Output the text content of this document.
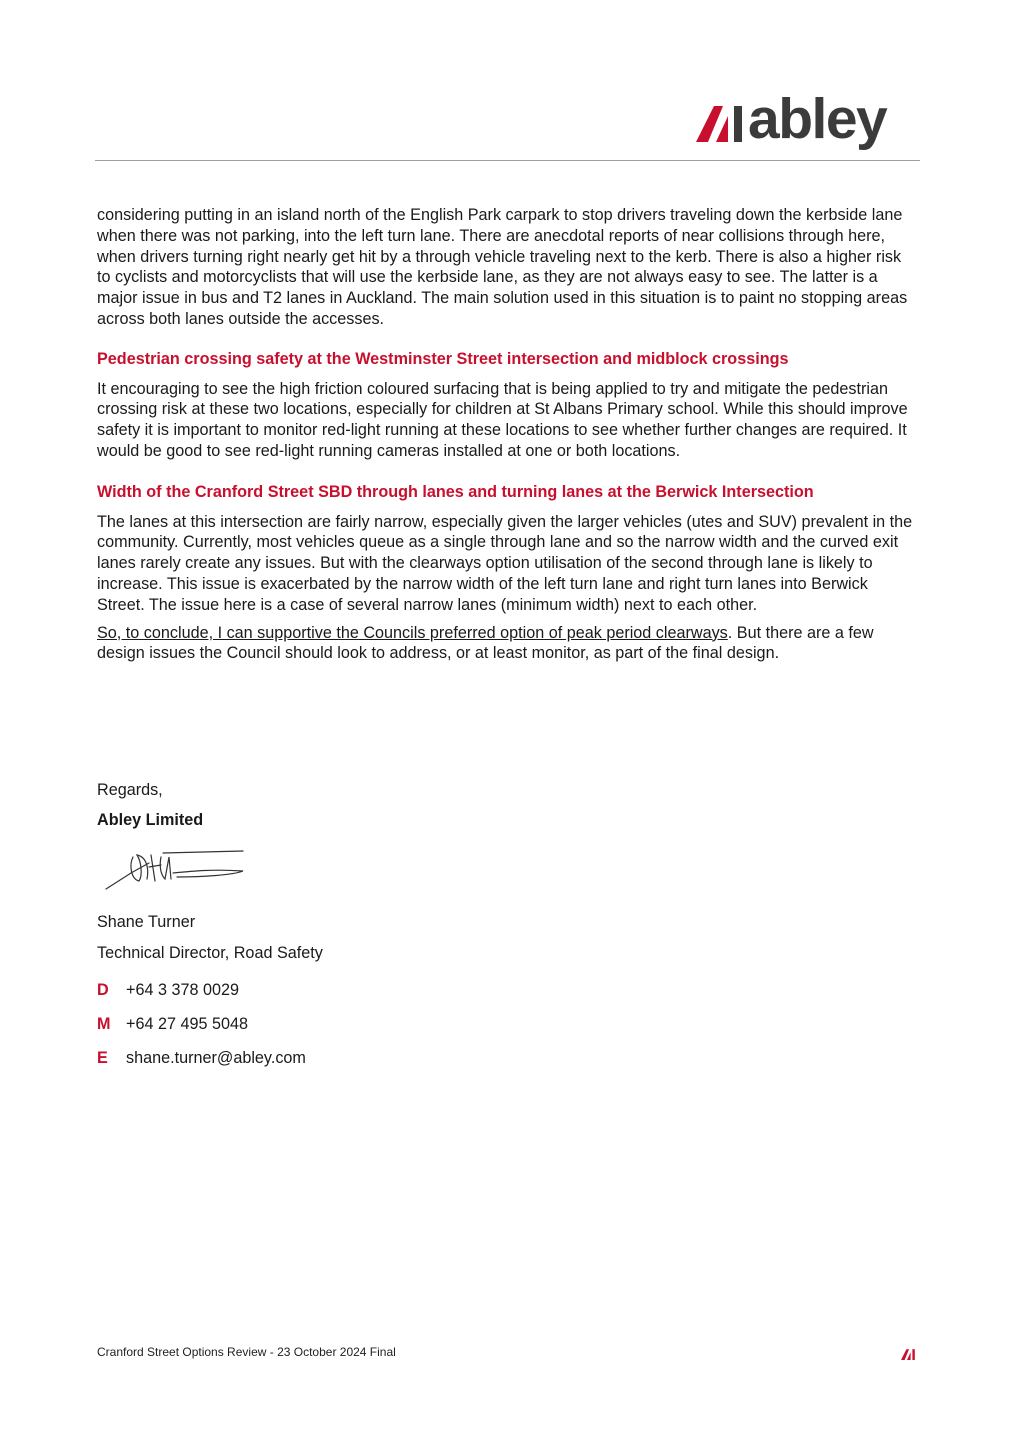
abley

considering putting in an island north of the English Park carpark to stop drivers traveling down the kerbside lane when there was not parking, into the left turn lane. There are anecdotal reports of near collisions through here, when drivers turning right nearly get hit by a through vehicle traveling next to the kerb. There is also a higher risk to cyclists and motorcyclists that will use the kerbside lane, as they are not always easy to see. The latter is a major issue in bus and T2 lanes in Auckland. The main solution used in this situation is to paint no stopping areas across both lanes outside the accesses.

Pedestrian crossing safety at the Westminster Street intersection and midblock crossings

It encouraging to see the high friction coloured surfacing that is being applied to try and mitigate the pedestrian crossing risk at these two locations, especially for children at St Albans Primary school. While this should improve safety it is important to monitor red-light running at these locations to see whether further changes are required. It would be good to see red-light running cameras installed at one or both locations.

Width of the Cranford Street SBD through lanes and turning lanes at the Berwick Intersection

The lanes at this intersection are fairly narrow, especially given the larger vehicles (utes and SUV) prevalent in the community. Currently, most vehicles queue as a single through lane and so the narrow width and the curved exit lanes rarely create any issues. But with the clearways option utilisation of the second through lane is likely to increase. This issue is exacerbated by the narrow width of the left turn lane and right turn lanes into Berwick Street. The issue here is a case of several narrow lanes (minimum width) next to each other.

So, to conclude, I can supportive the Councils preferred option of peak period clearways. But there are a few design issues the Council should look to address, or at least monitor, as part of the final design.

Regards,
Abley Limited
Shane Turner
Technical Director, Road Safety
D	+64 3 378 0029
M +64 27 495 5048
E	shane.turner@abley.com
Cranford Street Options Review - 23 October 2024 Final
